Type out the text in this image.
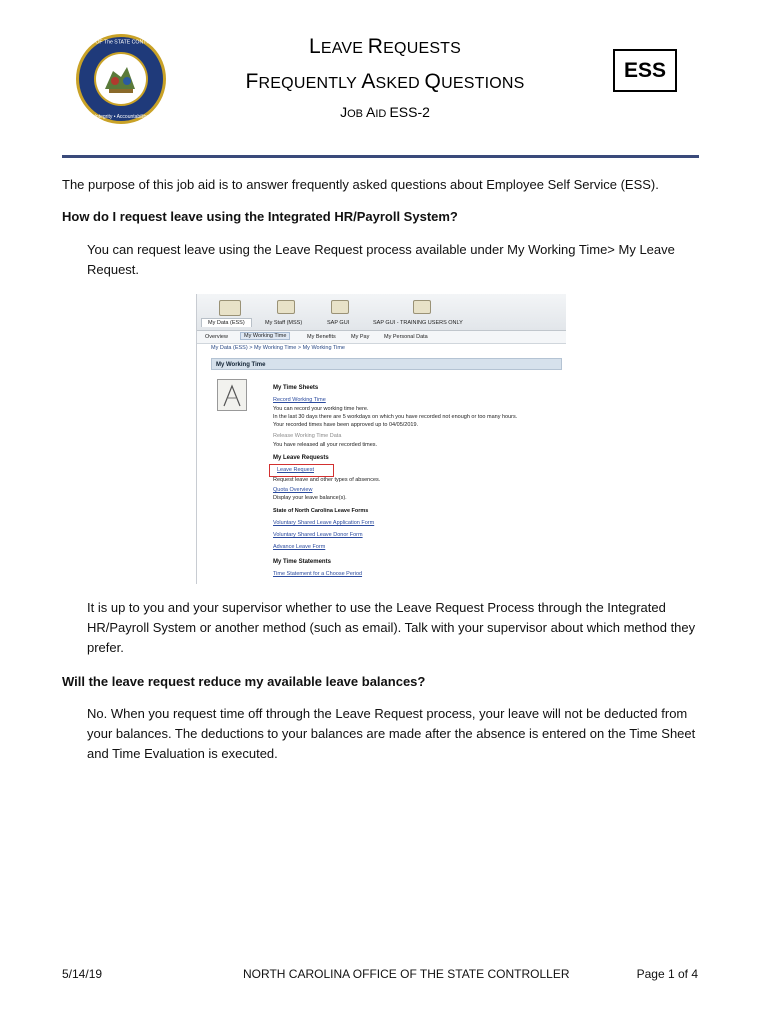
OFFICE OF The STATE CONTROLLER
Integrity • Accountability
LEAVE REQUESTS
FREQUENTLY ASKED QUESTIONS
JOB AID ESS-2
ESS
The purpose of this job aid is to answer frequently asked questions about Employee Self Service (ESS).
How do I request leave using the Integrated HR/Payroll System?
You can request leave using the Leave Request process available under My Working Time> My Leave
Request.
My Data (ESS)	My Staff (MSS)	SAP GUI	SAP GUI - TRAINING USERS ONLY
Overview	My Working Time	My Benefits	My Pay	My Personal Data
My Data (ESS) > My Working Time > My Working Time
My Working Time
My Time Sheets
Record Working Time
You can record your working time here.
In the last 30 days there are 5 workdays on which you have recorded not enough or too many hours.
Your recorded times have been approved up to 04/05/2019.
Release Working Time Data
You have released all your recorded times.
My Leave Requests
Leave Request
Request leave and other types of absences.
Quota Overview
Display your leave balance(s).
State of North Carolina Leave Forms
Voluntary Shared Leave Application Form
Voluntary Shared Leave Donor Form
Advance Leave Form
My Time Statements
Time Statement for a Choose Period
It is up to you and your supervisor whether to use the Leave Request Process through the Integrated
HR/Payroll System or another method (such as email). Talk with your supervisor about which method they
prefer.
Will the leave request reduce my available leave balances?
No. When you request time off through the Leave Request process, your leave will not be deducted from
your balances. The deductions to your balances are made after the absence is entered on the Time Sheet
and Time Evaluation is executed.
5/14/19	NORTH CAROLINA OFFICE OF THE STATE CONTROLLER	Page 1 of 4
